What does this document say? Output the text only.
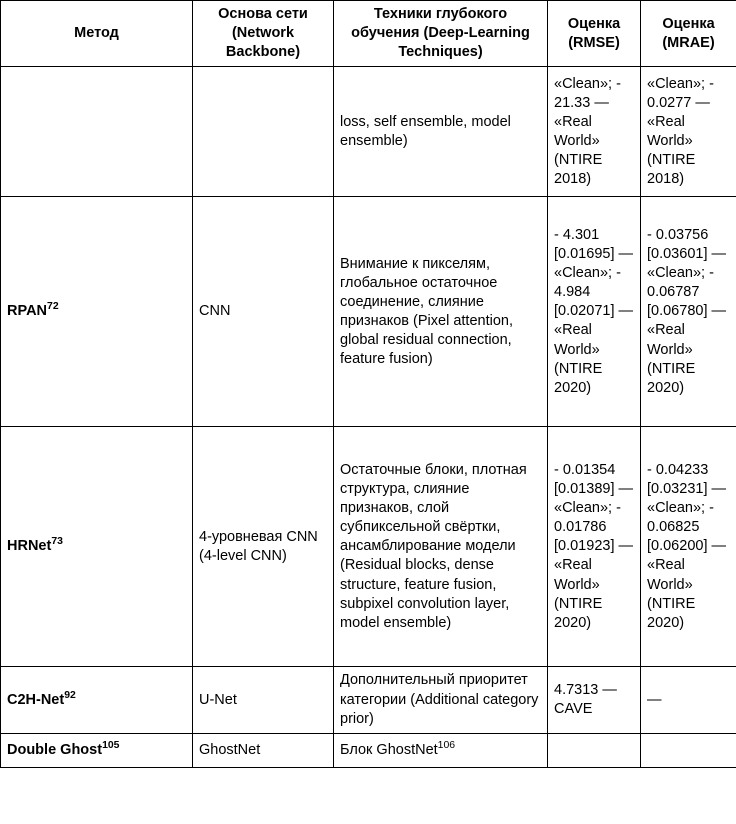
Метод	Основа сети (Network Backbone)	Техники глубокого обучения (Deep-Learning Techniques)	Оценка (RMSE)	Оценка (MRAE)
		loss, self ensemble, model ensemble)	«Clean»; - 21.33 — «Real World» (NTIRE 2018)	«Clean»; - 0.0277 — «Real World» (NTIRE 2018)
RPAN$^{72}$	CNN	Внимание к пикселям, глобальное остаточное соединение, слияние признаков (Pixel attention, global residual connection, feature fusion)	- 4.301 [0.01695] — «Clean»; - 4.984 [0.02071] — «Real World» (NTIRE 2020)	- 0.03756 [0.03601] — «Clean»; - 0.06787 [0.06780] — «Real World» (NTIRE 2020)
HRNet$^{73}$	4-уровневая CNN (4-level CNN)	Остаточные блоки, плотная структура, слияние признаков, слой субпиксельной свёртки, ансамблирование модели (Residual blocks, dense structure, feature fusion, subpixel convolution layer, model ensemble)	- 0.01354 [0.01389] — «Clean»; - 0.01786 [0.01923] — «Real World» (NTIRE 2020)	- 0.04233 [0.03231] — «Clean»; - 0.06825 [0.06200] — «Real World» (NTIRE 2020)
C2H-Net$^{92}$	U-Net	Дополнительный приоритет категории (Additional category prior)	4.7313 — CAVE	—
Double Ghost$^{105}$	GhostNet	Блок GhostNet$^{106}$		
